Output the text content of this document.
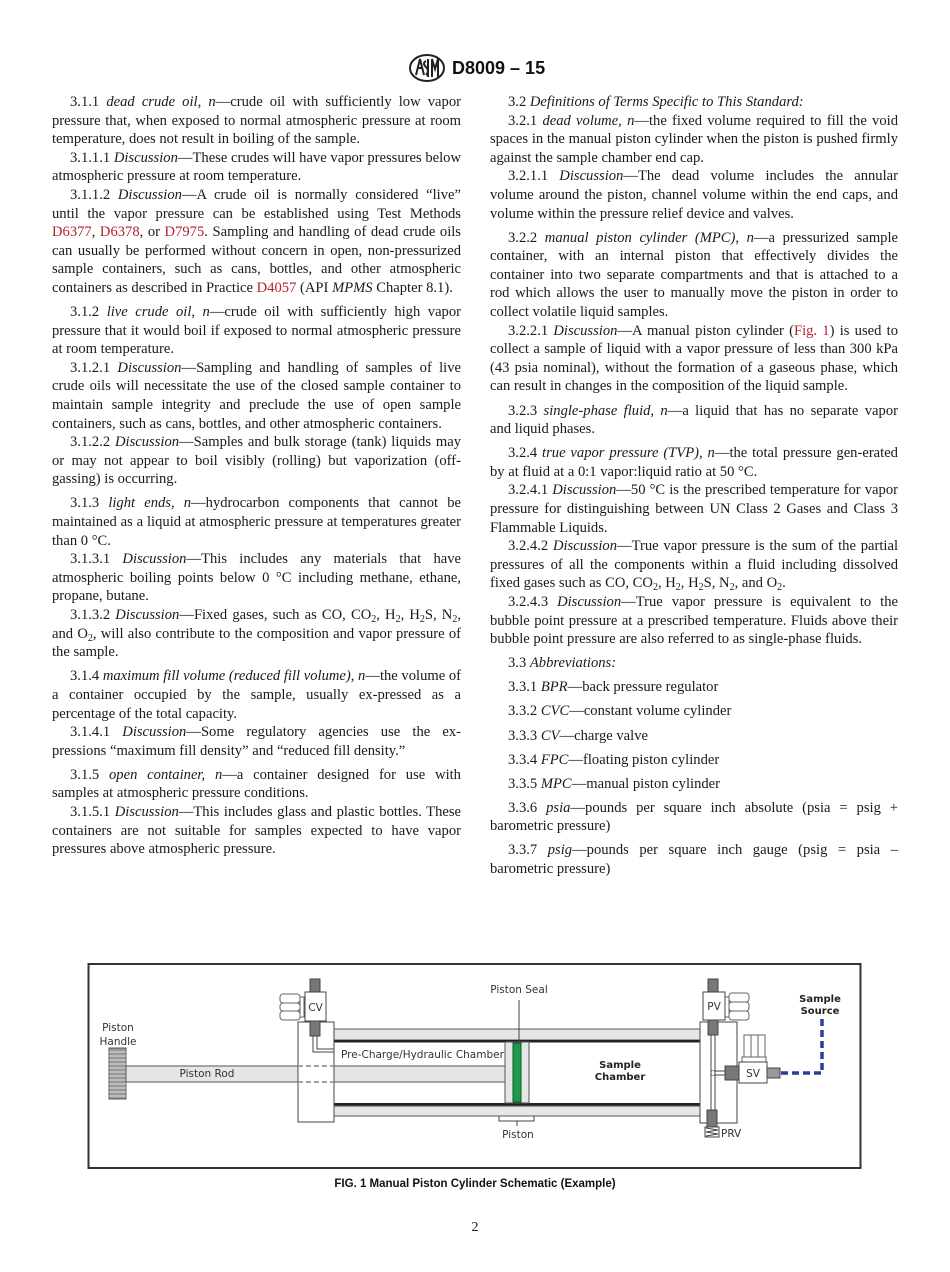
D8009 – 15

3.1.1 dead crude oil, n—crude oil with sufficiently low vapor pressure that, when exposed to normal atmospheric pressure at room temperature, does not result in boiling of the sample.

3.1.1.1 Discussion—These crudes will have vapor pressures below atmospheric pressure at room temperature.

3.1.1.2 Discussion—A crude oil is normally considered “live” until the vapor pressure can be established using Test Methods D6377, D6378, or D7975. Sampling and handling of dead crude oils can usually be performed without concern in open, non-pressurized sample containers, such as cans, bottles, and other atmospheric containers as described in Practice D4057 (API MPMS Chapter 8.1).

3.1.2 live crude oil, n—crude oil with sufficiently high vapor pressure that it would boil if exposed to normal atmospheric pressure at room temperature.

3.1.2.1 Discussion—Sampling and handling of samples of live crude oils will necessitate the use of the closed sample container to maintain sample integrity and preclude the use of open sample containers, such as cans, bottles, and other atmospheric containers.

3.1.2.2 Discussion—Samples and bulk storage (tank) liquids may or may not appear to boil visibly (rolling) but vaporization (off-gassing) is occurring.

3.1.3 light ends, n—hydrocarbon components that cannot be maintained as a liquid at atmospheric pressure at temperatures greater than 0 °C.

3.1.3.1 Discussion—This includes any materials that have atmospheric boiling points below 0 °C including methane, ethane, propane, butane.

3.1.3.2 Discussion—Fixed gases, such as CO, $CO_2$, $H_2$, $H_2S$, $N_2$, and $O_2$, will also contribute to the composition and vapor pressure of the sample.

3.1.4 maximum fill volume (reduced fill volume), n—the volume of a container occupied by the sample, usually ex-pressed as a percentage of the total capacity.

3.1.4.1 Discussion—Some regulatory agencies use the ex-pressions “maximum fill density” and “reduced fill density.”

3.1.5 open container, n—a container designed for use with samples at atmospheric pressure conditions.

3.1.5.1 Discussion—This includes glass and plastic bottles. These containers are not suitable for samples expected to have vapor pressures above atmospheric pressure.

3.2 Definitions of Terms Specific to This Standard:

3.2.1 dead volume, n—the fixed volume required to fill the void spaces in the manual piston cylinder when the piston is pushed firmly against the sample chamber end cap.

3.2.1.1 Discussion—The dead volume includes the annular volume around the piston, channel volume within the end caps, and volume within the pressure relief device and valves.

3.2.2 manual piston cylinder (MPC), n—a pressurized sample container, with an internal piston that effectively divides the container into two separate compartments and that is attached to a rod which allows the user to manually move the piston in order to collect volatile liquid samples.

3.2.2.1 Discussion—A manual piston cylinder (Fig. 1) is used to collect a sample of liquid with a vapor pressure of less than 300 kPa (43 psia nominal), without the formation of a gaseous phase, which can result in changes in the composition of the liquid sample.

3.2.3 single-phase fluid, n—a liquid that has no separate vapor and liquid phases.

3.2.4 true vapor pressure (TVP), n—the total pressure gen-erated by at fluid at a 0:1 vapor:liquid ratio at 50 °C.

3.2.4.1 Discussion—50 °C is the prescribed temperature for vapor pressure for distinguishing between UN Class 2 Gases and Class 3 Flammable Liquids.

3.2.4.2 Discussion—True vapor pressure is the sum of the partial pressures of all the components within a fluid including dissolved fixed gases such as CO, $CO_2$, $H_2$, $H_2S$, $N_2$, and $O_2$.

3.2.4.3 Discussion—True vapor pressure is equivalent to the bubble point pressure at a prescribed temperature. Fluids above their bubble point pressure are also referred to as single-phase fluids.

3.3 Abbreviations:

3.3.1 BPR—back pressure regulator

3.3.2 CVC—constant volume cylinder

3.3.3 CV—charge valve

3.3.4 FPC—floating piston cylinder

3.3.5 MPC—manual piston cylinder

3.3.6 psia—pounds per square inch absolute (psia = psig + barometric pressure)

3.3.7 psig—pounds per square inch gauge (psig = psia – barometric pressure)

CV
Pre-Charge/Hydraulic Chamber
Piston Seal
Piston
Sample
Chamber
PV
SV
Sample
Source
PRV
Piston
Handle
Piston Rod
FIG. 1 Manual Piston Cylinder Schematic (Example)
2
